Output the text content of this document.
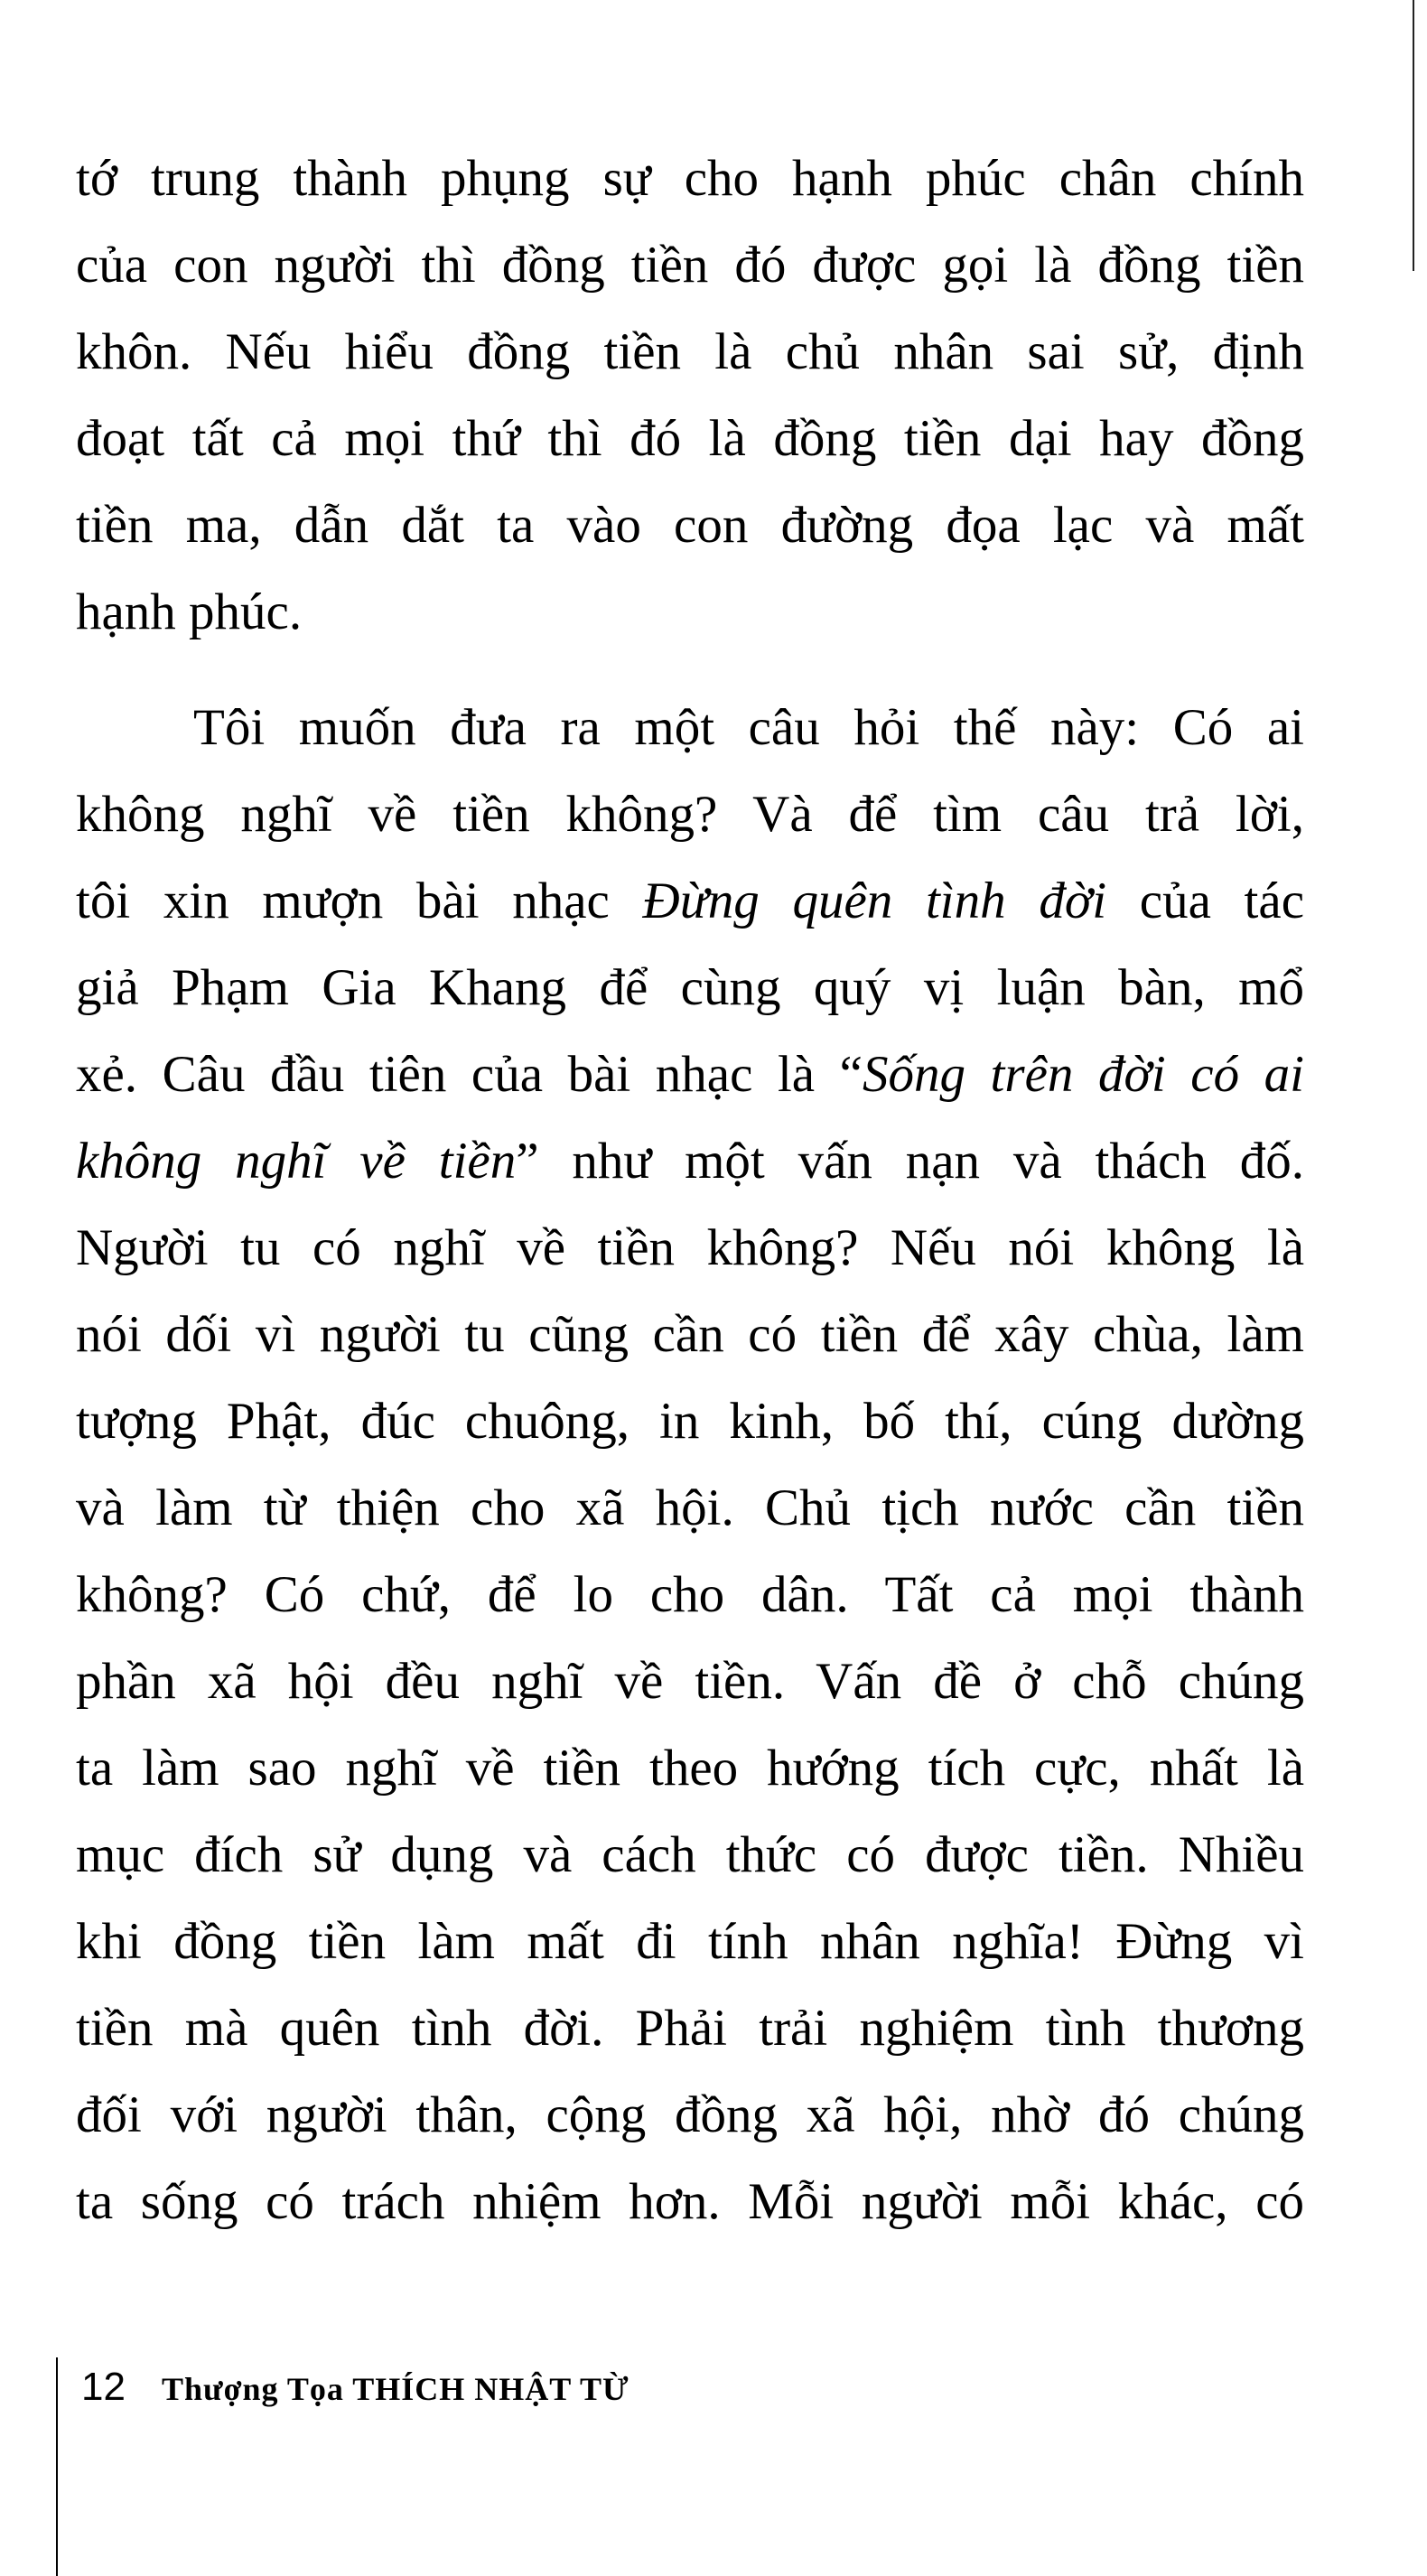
tớ trung thành phụng sự cho hạnh phúc chân chính
của con người thì đồng tiền đó được gọi là đồng tiền
khôn. Nếu hiểu đồng tiền là chủ nhân sai sử, định
đoạt tất cả mọi thứ thì đó là đồng tiền dại hay đồng
tiền ma, dẫn dắt ta vào con đường đọa lạc và mất
hạnh phúc.
Tôi muốn đưa ra một câu hỏi thế này: Có ai
không nghĩ về tiền không? Và để tìm câu trả lời,
tôi xin mượn bài nhạc Đừng quên tình đời của tác
giả Phạm Gia Khang để cùng quý vị luận bàn, mổ
xẻ. Câu đầu tiên của bài nhạc là “Sống trên đời có ai
không nghĩ về tiền” như một vấn nạn và thách đố.
Người tu có nghĩ về tiền không? Nếu nói không là
nói dối vì người tu cũng cần có tiền để xây chùa, làm
tượng Phật, đúc chuông, in kinh, bố thí, cúng dường
và làm từ thiện cho xã hội. Chủ tịch nước cần tiền
không? Có chứ, để lo cho dân. Tất cả mọi thành
phần xã hội đều nghĩ về tiền. Vấn đề ở chỗ chúng
ta làm sao nghĩ về tiền theo hướng tích cực, nhất là
mục đích sử dụng và cách thức có được tiền. Nhiều
khi đồng tiền làm mất đi tính nhân nghĩa! Đừng vì
tiền mà quên tình đời. Phải trải nghiệm tình thương
đối với người thân, cộng đồng xã hội, nhờ đó chúng
ta sống có trách nhiệm hơn. Mỗi người mỗi khác, có
12 Thượng Tọa THÍCH NHẬT TỪ
